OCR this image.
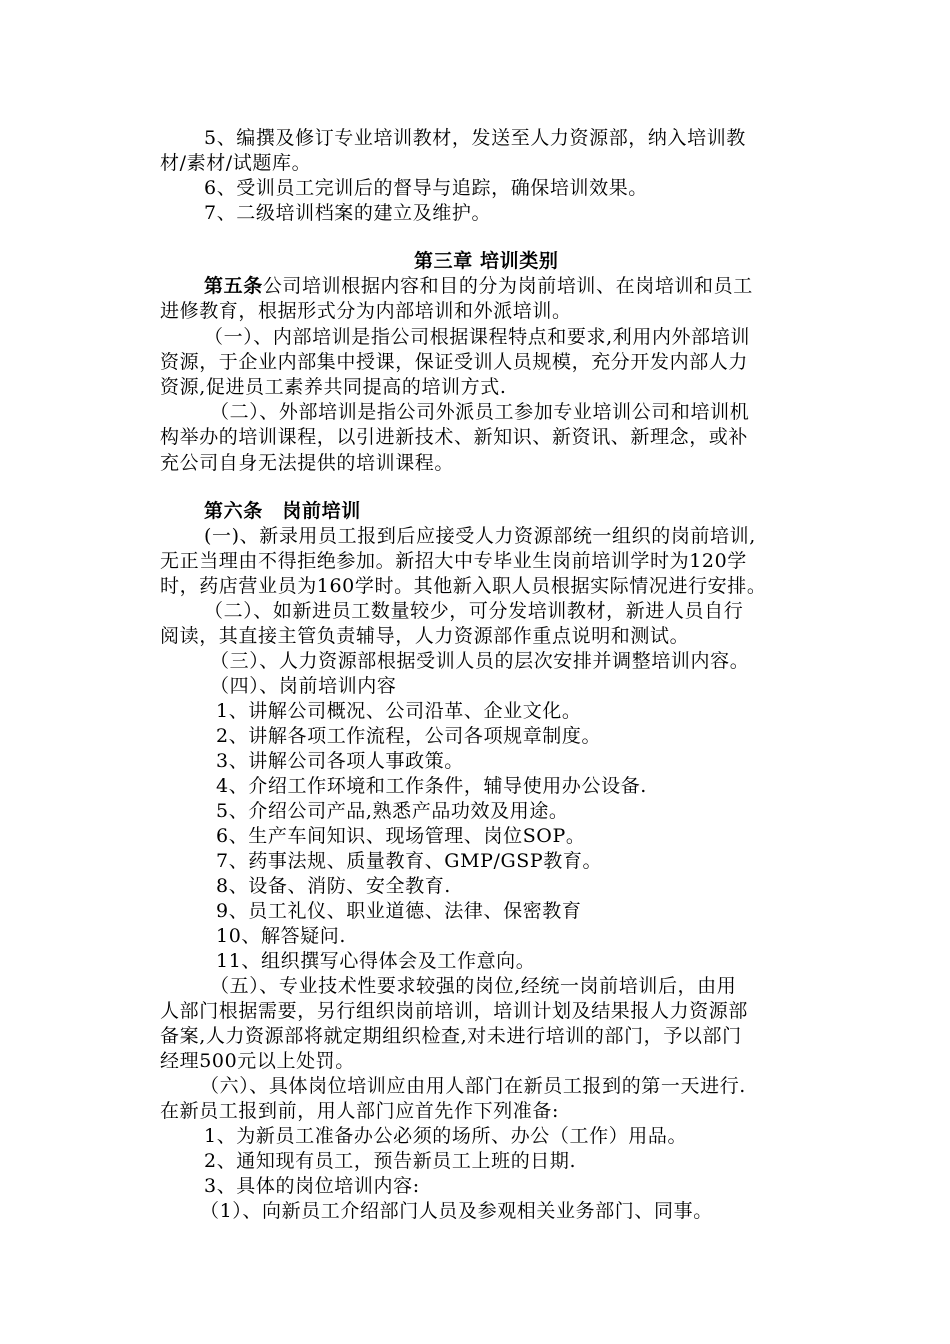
5、编撰及修订专业培训教材，发送至人力资源部，纳入培训教
材/素材/试题库。
6、受训员工完训后的督导与追踪，确保培训效果。
7、二级培训档案的建立及维护。
第三章 培训类别
第五条公司培训根据内容和目的分为岗前培训、在岗培训和员工
进修教育，根据形式分为内部培训和外派培训。
（一）、内部培训是指公司根据课程特点和要求,利用内外部培训
资源，于企业内部集中授课，保证受训人员规模，充分开发内部人力
资源,促进员工素养共同提高的培训方式.
（二）、外部培训是指公司外派员工参加专业培训公司和培训机
构举办的培训课程，以引进新技术、新知识、新资讯、新理念，或补
充公司自身无法提供的培训课程。
第六条　岗前培训
(一)、新录用员工报到后应接受人力资源部统一组织的岗前培训,
无正当理由不得拒绝参加。新招大中专毕业生岗前培训学时为120学
时，药店营业员为160学时。其他新入职人员根据实际情况进行安排。
（二）、如新进员工数量较少，可分发培训教材，新进人员自行
阅读，其直接主管负责辅导，人力资源部作重点说明和测试。
（三）、人力资源部根据受训人员的层次安排并调整培训内容。
（四）、岗前培训内容
1、讲解公司概况、公司沿革、企业文化。
2、讲解各项工作流程，公司各项规章制度。
3、讲解公司各项人事政策。
4、介绍工作环境和工作条件，辅导使用办公设备.
5、介绍公司产品,熟悉产品功效及用途。
6、生产车间知识、现场管理、岗位SOP。
7、药事法规、质量教育、GMP/GSP教育。
8、设备、消防、安全教育.
9、员工礼仪、职业道德、法律、保密教育
10、解答疑问.
11、组织撰写心得体会及工作意向。
（五）、专业技术性要求较强的岗位,经统一岗前培训后，由用
人部门根据需要，另行组织岗前培训，培训计划及结果报人力资源部
备案,人力资源部将就定期组织检查,对未进行培训的部门，予以部门
经理500元以上处罚。
（六）、具体岗位培训应由用人部门在新员工报到的第一天进行.
在新员工报到前，用人部门应首先作下列准备:
1、为新员工准备办公必须的场所、办公（工作）用品。
2、通知现有员工，预告新员工上班的日期.
3、具体的岗位培训内容:
（1）、向新员工介绍部门人员及参观相关业务部门、同事。
